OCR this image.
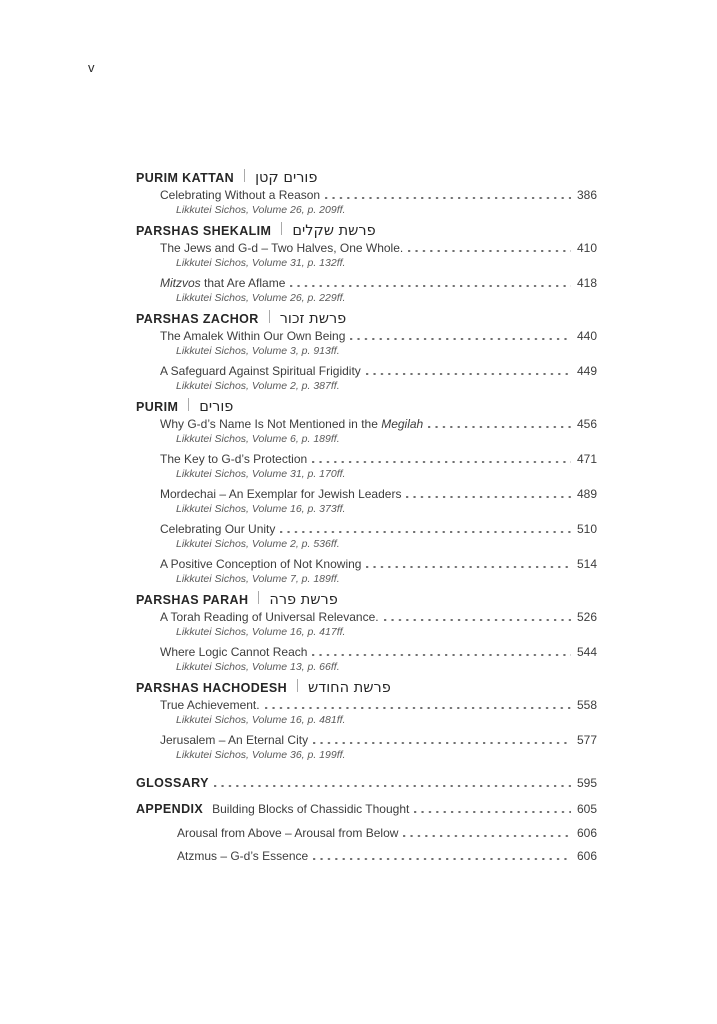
v
PURIM KATTAN פורים קטן
Celebrating Without a Reason	386
Likkutei Sichos, Volume 26, p. 209ff.
PARSHAS SHEKALIM פרשת שקלים
The Jews and G-d – Two Halves, One Whole.	410
Likkutei Sichos, Volume 31, p. 132ff.
Mitzvos that Are Aflame	418
Likkutei Sichos, Volume 26, p. 229ff.
PARSHAS ZACHOR פרשת זכור
The Amalek Within Our Own Being	440
Likkutei Sichos, Volume 3, p. 913ff.
A Safeguard Against Spiritual Frigidity	449
Likkutei Sichos, Volume 2, p. 387ff.
PURIM פורים
Why G-d’s Name Is Not Mentioned in the Megilah	456
Likkutei Sichos, Volume 6, p. 189ff.
The Key to G-d’s Protection	471
Likkutei Sichos, Volume 31, p. 170ff.
Mordechai – An Exemplar for Jewish Leaders	489
Likkutei Sichos, Volume 16, p. 373ff.
Celebrating Our Unity	510
Likkutei Sichos, Volume 2, p. 536ff.
A Positive Conception of Not Knowing	514
Likkutei Sichos, Volume 7, p. 189ff.
PARSHAS PARAH פרשת פרה
A Torah Reading of Universal Relevance.	526
Likkutei Sichos, Volume 16, p. 417ff.
Where Logic Cannot Reach	544
Likkutei Sichos, Volume 13, p. 66ff.
PARSHAS HACHODESH פרשת החודש
True Achievement.	558
Likkutei Sichos, Volume 16, p. 481ff.
Jerusalem – An Eternal City	577
Likkutei Sichos, Volume 36, p. 199ff.
GLOSSARY	595
APPENDIX Building Blocks of Chassidic Thought	605
Arousal from Above – Arousal from Below	606
Atzmus – G-d’s Essence	606
